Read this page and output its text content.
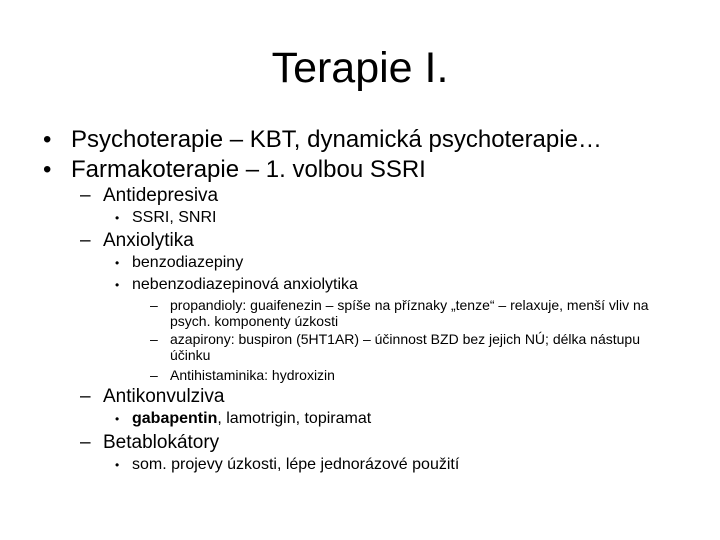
Terapie I.
• Psychoterapie – KBT, dynamická psychoterapie…
• Farmakoterapie – 1. volbou SSRI
– Antidepresiva
• SSRI, SNRI
– Anxiolytika
• benzodiazepiny
• nebenzodiazepinová anxiolytika
– propandioly: guaifenezin – spíše na příznaky „tenze“ – relaxuje, menší vliv na psych. komponenty úzkosti
– azapirony: buspiron (5HT1AR) – účinnost BZD bez jejich NÚ; délka nástupu účinku
– Antihistaminika: hydroxizin
– Antikonvulziva
• gabapentin, lamotrigin, topiramat
– Betablokátory
• som. projevy úzkosti, lépe jednorázové použití
